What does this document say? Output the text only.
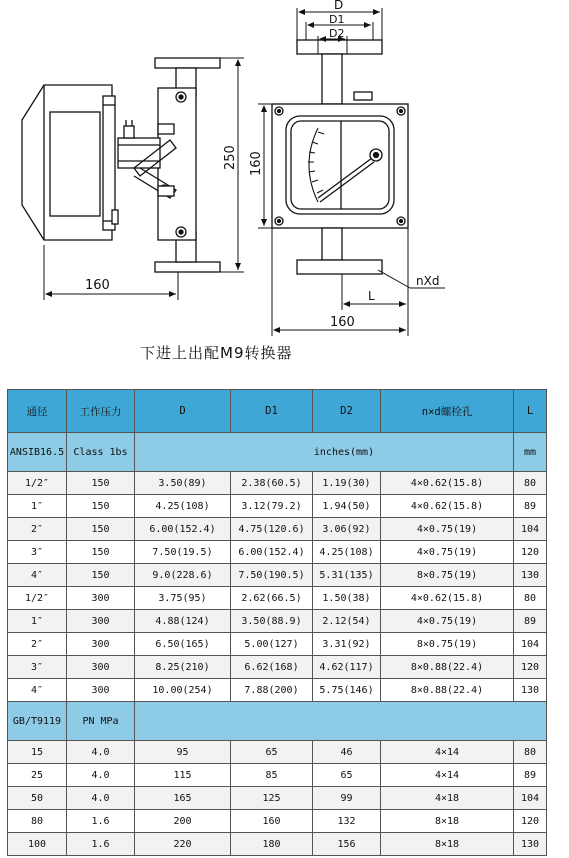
250
160
D
D1
D2
160
L
160
nXd
下进上出配M9转换器
通径	工作压力	D	D1	D2	n×d螺栓孔	L
ANSIB16.5	Class 1bs	inches(mm)				mm
1/2″	150	3.50(89)	2.38(60.5)	1.19(30)	4×0.62(15.8)	80
1″	150	4.25(108)	3.12(79.2)	1.94(50)	4×0.62(15.8)	89
2″	150	6.00(152.4)	4.75(120.6)	3.06(92)	4×0.75(19)	104
3″	150	7.50(19.5)	6.00(152.4)	4.25(108)	4×0.75(19)	120
4″	150	9.0(228.6)	7.50(190.5)	5.31(135)	8×0.75(19)	130
1/2″	300	3.75(95)	2.62(66.5)	1.50(38)	4×0.62(15.8)	80
1″	300	4.88(124)	3.50(88.9)	2.12(54)	4×0.75(19)	89
2″	300	6.50(165)	5.00(127)	3.31(92)	8×0.75(19)	104
3″	300	8.25(210)	6.62(168)	4.62(117)	8×0.88(22.4)	120
4″	300	10.00(254)	7.88(200)	5.75(146)	8×0.88(22.4)	130
GB/T9119	PN MPa					
15	4.0	95	65	46	4×14	80
25	4.0	115	85	65	4×14	89
50	4.0	165	125	99	4×18	104
80	1.6	200	160	132	8×18	120
100	1.6	220	180	156	8×18	130
